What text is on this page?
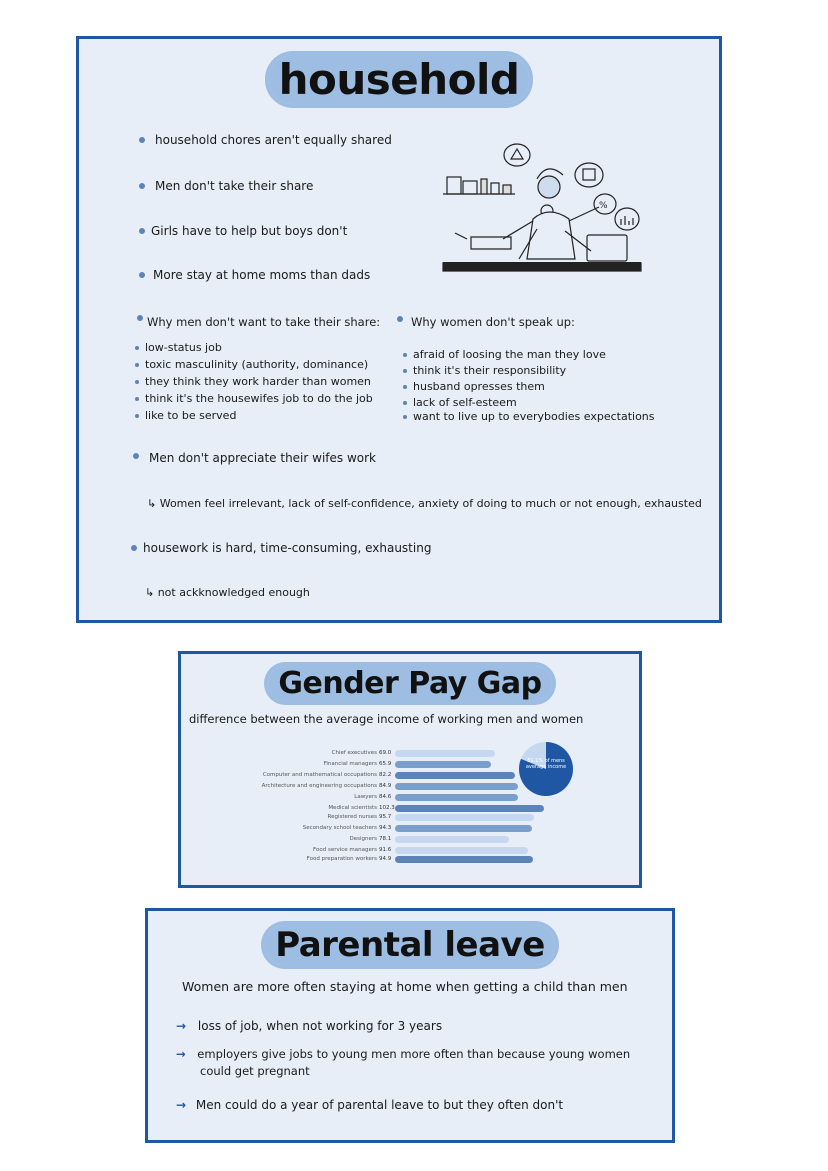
household
household chores aren't equally shared
Men don't take their share
Girls have to help but boys don't
More stay at home moms than dads
%
Why men don't want to take their share:
low-status job
toxic masculinity (authority, dominance)
they think they work harder than women
think it's the housewifes job to do the job
like to be served
Why women don't speak up:
afraid of loosing the man they love
think it's their responsibility
husband opresses them
lack of self-esteem
want to live up to everybodies expectations
Men don't appreciate their wifes work
↳ Women feel irrelevant, lack of self-confidence, anxiety of doing to much or not enough, exhausted
housework is hard, time-consuming, exhausting
↳ not ackknowledged enough
Gender Pay Gap
difference between the average income of working men and women
Chief executives 69.0
Financial managers 65.9
Computer and mathematical occupations 82.2
Architecture and engineering occupations 84.9
Lawyers 84.6
Medical scientists 102.3
Registered nurses 95.7
Secondary school teachers 94.3
Designers 78.1
Food service managers 91.6
Food preparation workers 94.9
81.1% of mens average income
Parental leave
Women are more often staying at home when getting a child than men
→ loss of job, when not working for 3 years
→ employers give jobs to young men more often than because young women
could get pregnant
→ Men could do a year of parental leave to but they often don't
